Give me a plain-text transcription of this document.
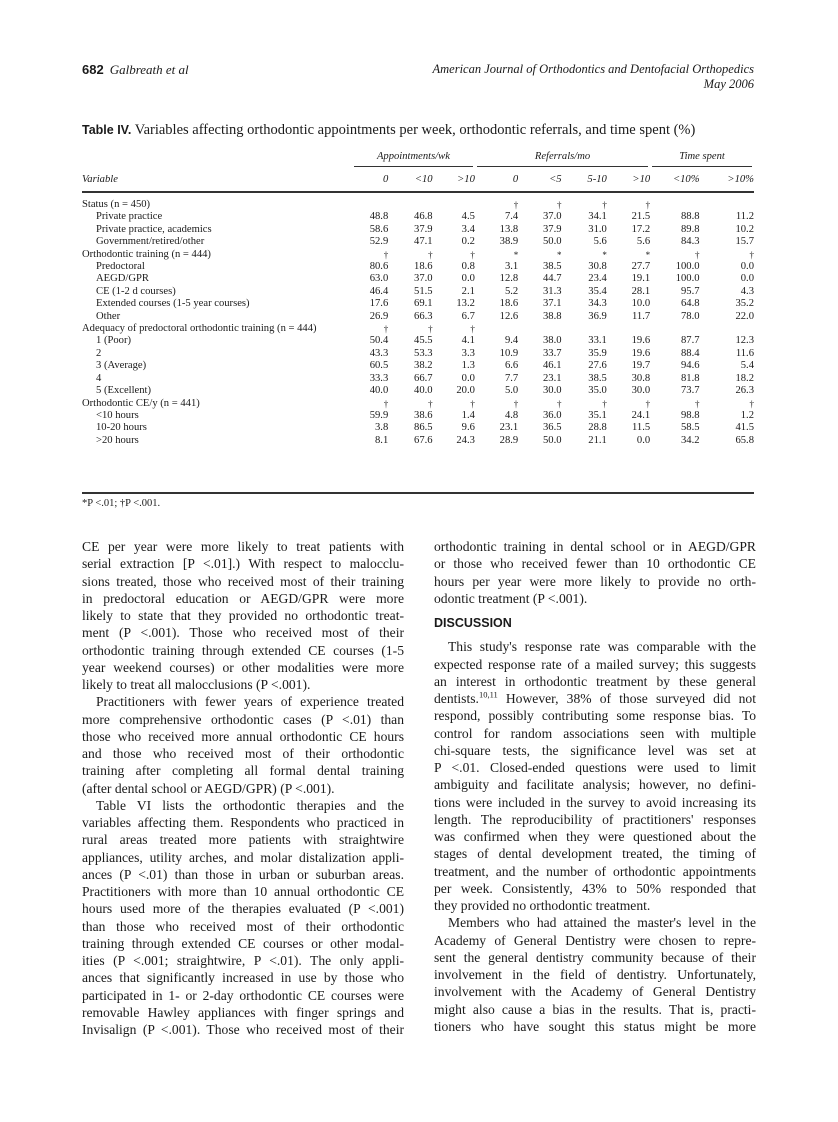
682 Galbreath et al	American Journal of Orthodontics and Dentofacial Orthopedics
May 2006
Table IV. Variables affecting orthodontic appointments per week, orthodontic referrals, and time spent (%)

	Appointments/wk			Referrals/mo				Time spent	

Variable	0	<10	>10	0	<5	5-10	>10	<10%	>10%
Status (n = 450)				†	†	†	†		
Private practice	48.8	46.8	4.5	7.4	37.0	34.1	21.5	88.8	11.2
Private practice, academics	58.6	37.9	3.4	13.8	37.9	31.0	17.2	89.8	10.2
Government/retired/other	52.9	47.1	0.2	38.9	50.0	5.6	5.6	84.3	15.7
Orthodontic training (n = 444)	†	†	†	*	*	*	*	†	†
Predoctoral	80.6	18.6	0.8	3.1	38.5	30.8	27.7	100.0	0.0
AEGD/GPR	63.0	37.0	0.0	12.8	44.7	23.4	19.1	100.0	0.0
CE (1-2 d courses)	46.4	51.5	2.1	5.2	31.3	35.4	28.1	95.7	4.3
Extended courses (1-5 year courses)	17.6	69.1	13.2	18.6	37.1	34.3	10.0	64.8	35.2
Other	26.9	66.3	6.7	12.6	38.8	36.9	11.7	78.0	22.0
Adequacy of predoctoral orthodontic training (n = 444)	†	†	†						
1 (Poor)	50.4	45.5	4.1	9.4	38.0	33.1	19.6	87.7	12.3
2	43.3	53.3	3.3	10.9	33.7	35.9	19.6	88.4	11.6
3 (Average)	60.5	38.2	1.3	6.6	46.1	27.6	19.7	94.6	5.4
4	33.3	66.7	0.0	7.7	23.1	38.5	30.8	81.8	18.2
5 (Excellent)	40.0	40.0	20.0	5.0	30.0	35.0	30.0	73.7	26.3
Orthodontic CE/y (n = 441)	†	†	†	†	†	†	†	†	†
<10 hours	59.9	38.6	1.4	4.8	36.0	35.1	24.1	98.8	1.2
10-20 hours	3.8	86.5	9.6	23.1	36.5	28.8	11.5	58.5	41.5
>20 hours	8.1	67.6	24.3	28.9	50.0	21.1	0.0	34.2	65.8
*P <.01; †P <.001.
CE per year were more likely to treat patients with
serial extraction [P <.01].) With respect to malocclu-
sions treated, those who received most of their training
in predoctoral education or AEGD/GPR were more
likely to state that they provided no orthodontic treat-
ment (P <.001). Those who received most of their
orthodontic training through extended CE courses (1-5
year weekend courses) or other modalities were more
likely to treat all malocclusions (P <.001).
Practitioners with fewer years of experience treated
more comprehensive orthodontic cases (P <.01) than
those who received more annual orthodontic CE hours
and those who received most of their orthodontic
training after completing all formal dental training
(after dental school or AEGD/GPR) (P <.001).
Table VI lists the orthodontic therapies and the
variables affecting them. Respondents who practiced in
rural areas treated more patients with straightwire
appliances, utility arches, and molar distalization appli-
ances (P <.01) than those in urban or suburban areas.
Practitioners with more than 10 annual orthodontic CE
hours used more of the therapies evaluated (P <.001)
than those who received most of their orthodontic
training through extended CE courses or other modal-
ities (P <.001; straightwire, P <.01). The only appli-
ances that significantly increased in use by those who
participated in 1- or 2-day orthodontic CE courses were
removable Hawley appliances with finger springs and
Invisalign (P <.001). Those who received most of their
orthodontic training in dental school or in AEGD/GPR
or those who received fewer than 10 orthodontic CE
hours per year were more likely to provide no orth-
odontic treatment (P <.001).
DISCUSSION
This study's response rate was comparable with the
expected response rate of a mailed survey; this suggests
an interest in orthodontic treatment by these general
dentists.$^{10,11}$ However, 38% of those surveyed did not
respond, possibly contributing some response bias. To
control for random associations seen with multiple
chi-square tests, the significance level was set at
P <.01. Closed-ended questions were used to limit
ambiguity and facilitate analysis; however, no defini-
tions were included in the survey to avoid increasing its
length. The reproducibility of practitioners' responses
was confirmed when they were questioned about the
stages of dental development treated, the timing of
treatment, and the number of orthodontic appointments
per week. Consistently, 43% to 50% responded that
they provided no orthodontic treatment.
Members who had attained the master's level in the
Academy of General Dentistry were chosen to repre-
sent the general dentistry community because of their
involvement in the field of dentistry. Unfortunately,
involvement with the Academy of General Dentistry
might also cause a bias in the results. That is, practi-
tioners who have sought this status might be more
